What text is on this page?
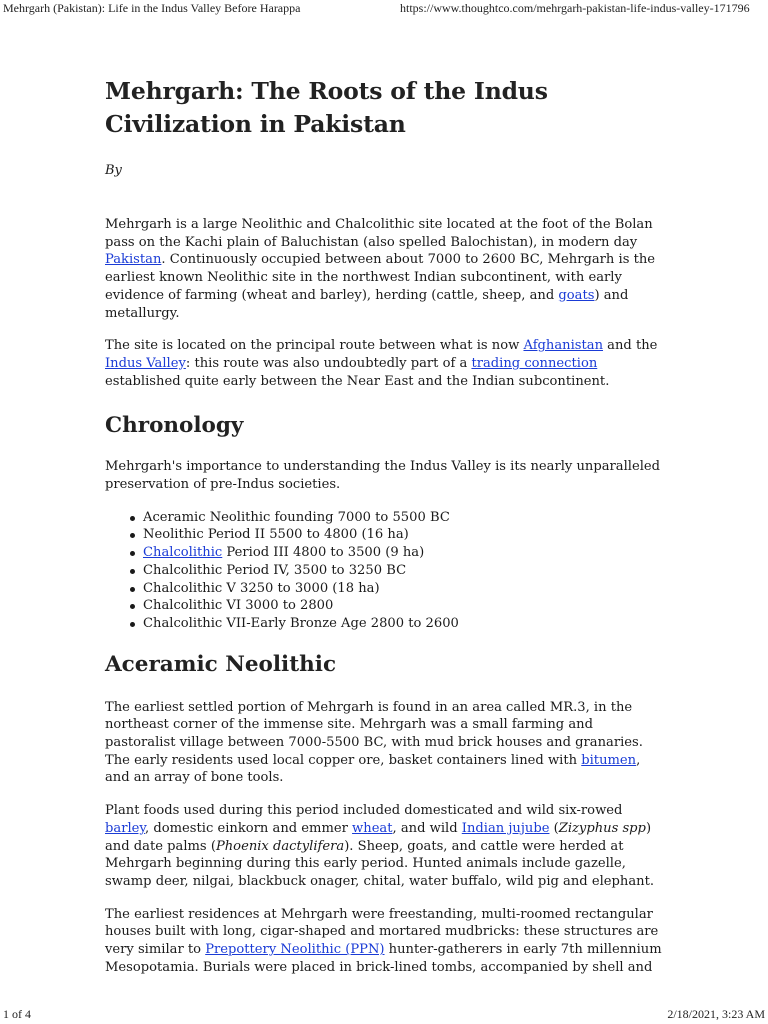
Mehrgarh (Pakistan): Life in the Indus Valley Before Harappa	https://www.thoughtco.com/mehrgarh-pakistan-life-indus-valley-171796
Mehrgarh: The Roots of the Indus Civilization in Pakistan
By

Mehrgarh is a large Neolithic and Chalcolithic site located at the foot of the Bolan pass on the Kachi plain of Baluchistan (also spelled Balochistan), in modern day Pakistan. Continuously occupied between about 7000 to 2600 BC, Mehrgarh is the earliest known Neolithic site in the northwest Indian subcontinent, with early evidence of farming (wheat and barley), herding (cattle, sheep, and goats) and metallurgy.

The site is located on the principal route between what is now Afghanistan and the Indus Valley: this route was also undoubtedly part of a trading connection established quite early between the Near East and the Indian subcontinent.

Chronology

Mehrgarh's importance to understanding the Indus Valley is its nearly unparalleled preservation of pre-Indus societies.

Aceramic Neolithic founding 7000 to 5500 BC
Neolithic Period II 5500 to 4800 (16 ha)
Chalcolithic Period III 4800 to 3500 (9 ha)
Chalcolithic Period IV, 3500 to 3250 BC
Chalcolithic V 3250 to 3000 (18 ha)
Chalcolithic VI 3000 to 2800
Chalcolithic VII-Early Bronze Age 2800 to 2600
Aceramic Neolithic

The earliest settled portion of Mehrgarh is found in an area called MR.3, in the northeast corner of the immense site. Mehrgarh was a small farming and pastoralist village between 7000-5500 BC, with mud brick houses and granaries. The early residents used local copper ore, basket containers lined with bitumen, and an array of bone tools.

Plant foods used during this period included domesticated and wild six-rowed barley, domestic einkorn and emmer wheat, and wild Indian jujube (Zizyphus spp) and date palms (Phoenix dactylifera). Sheep, goats, and cattle were herded at Mehrgarh beginning during this early period. Hunted animals include gazelle, swamp deer, nilgai, blackbuck onager, chital, water buffalo, wild pig and elephant.

The earliest residences at Mehrgarh were freestanding, multi-roomed rectangular houses built with long, cigar-shaped and mortared mudbricks: these structures are very similar to Prepottery Neolithic (PPN) hunter-gatherers in early 7th millennium Mesopotamia. Burials were placed in brick-lined tombs, accompanied by shell and

1 of 4	2/18/2021, 3:23 AM
